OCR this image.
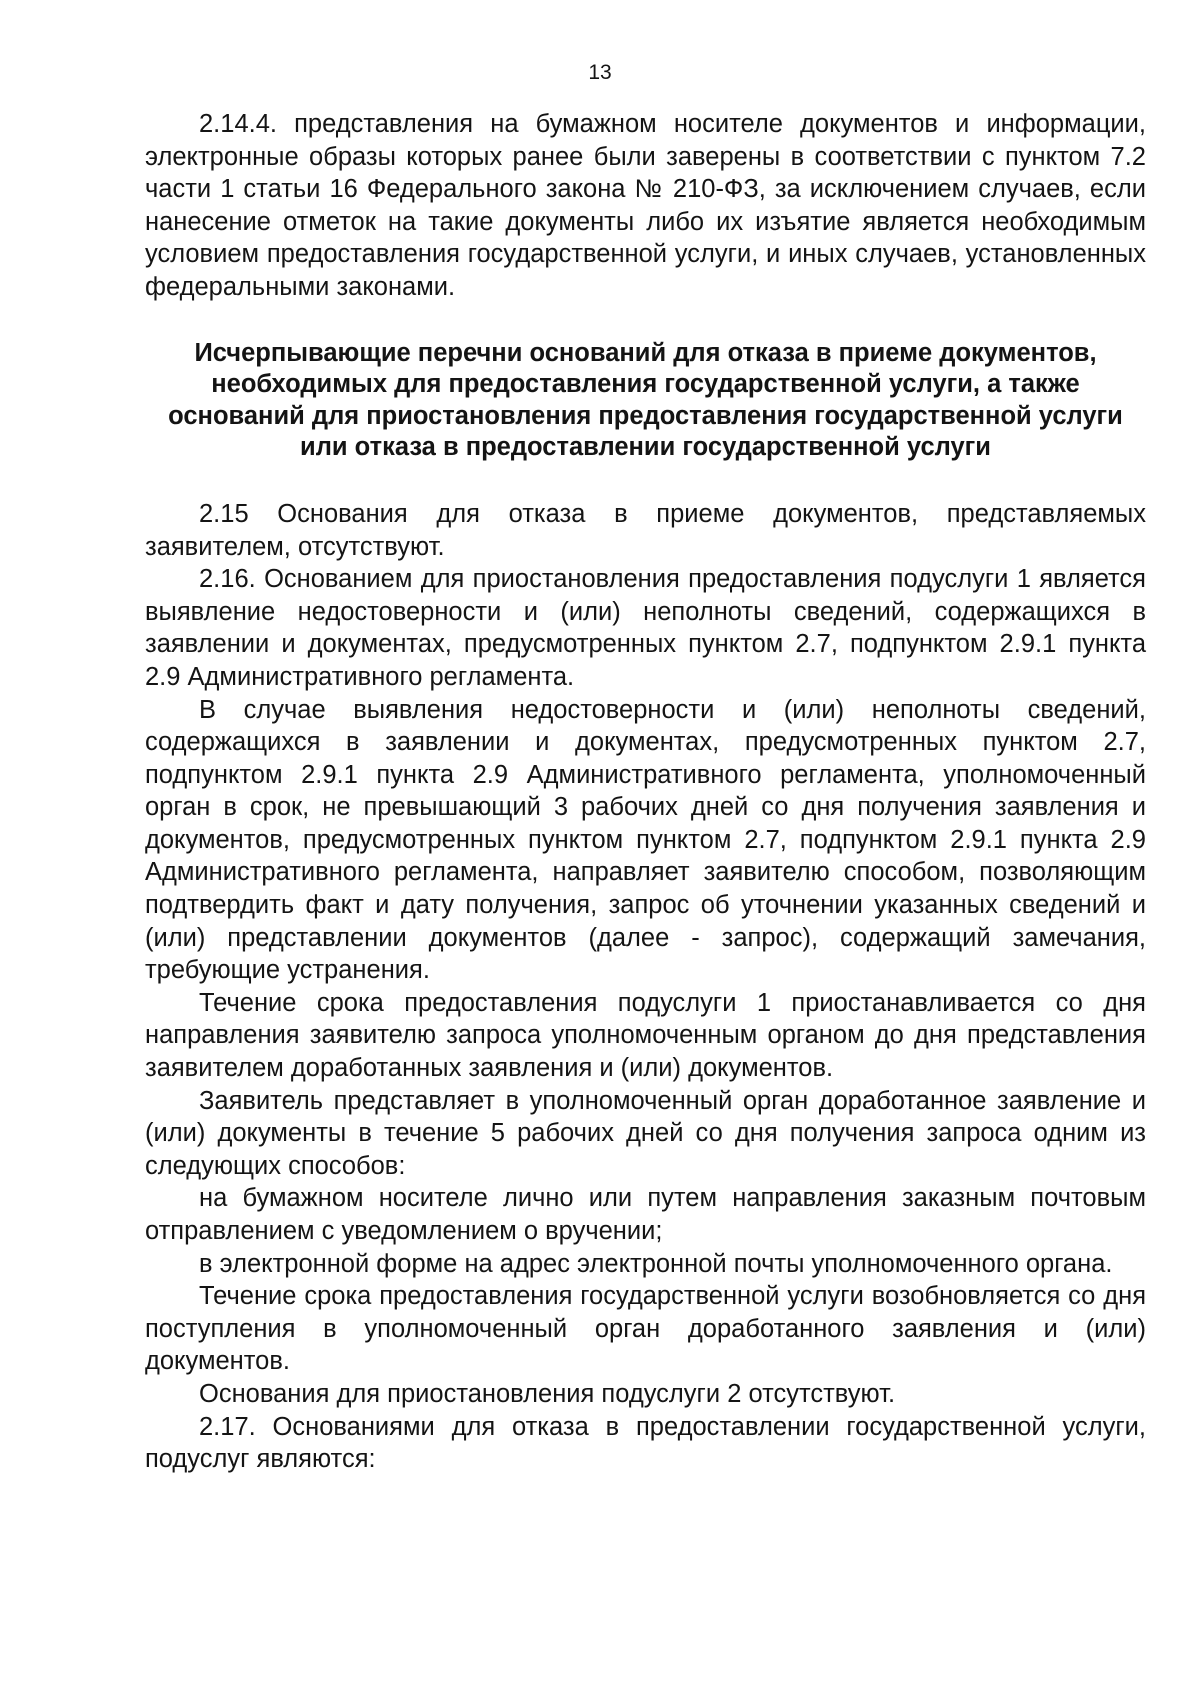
13

2.14.4. представления на бумажном носителе документов и информации, электронные образы которых ранее были заверены в соответствии с пунктом 7.2 части 1 статьи 16 Федерального закона № 210-ФЗ, за исключением случаев, если нанесение отметок на такие документы либо их изъятие является необходимым условием предоставления государственной услуги, и иных случаев, установленных федеральными законами.

Исчерпывающие перечни оснований для отказа в приеме документов, необходимых для предоставления государственной услуги, а также оснований для приостановления предоставления государственной услуги или отказа в предоставлении государственной услуги

2.15 Основания для отказа в приеме документов, представляемых заявителем, отсутствуют.

2.16. Основанием для приостановления предоставления подуслуги 1 является выявление недостоверности и (или) неполноты сведений, содержащихся в заявлении и документах, предусмотренных пунктом 2.7, подпунктом 2.9.1 пункта 2.9 Административного регламента.

В случае выявления недостоверности и (или) неполноты сведений, содержащихся в заявлении и документах, предусмотренных пунктом 2.7, подпунктом 2.9.1 пункта 2.9 Административного регламента, уполномоченный орган в срок, не превышающий 3 рабочих дней со дня получения заявления и документов, предусмотренных пунктом пунктом 2.7, подпунктом 2.9.1 пункта 2.9 Административного регламента, направляет заявителю способом, позволяющим подтвердить факт и дату получения, запрос об уточнении указанных сведений и (или) представлении документов (далее - запрос), содержащий замечания, требующие устранения.

Течение срока предоставления подуслуги 1 приостанавливается со дня направления заявителю запроса уполномоченным органом до дня представления заявителем доработанных заявления и (или) документов.

Заявитель представляет в уполномоченный орган доработанное заявление и (или) документы в течение 5 рабочих дней со дня получения запроса одним из следующих способов:

на бумажном носителе лично или путем направления заказным почтовым отправлением с уведомлением о вручении;

в электронной форме на адрес электронной почты уполномоченного органа.

Течение срока предоставления государственной услуги возобновляется со дня поступления в уполномоченный орган доработанного заявления и (или) документов.

Основания для приостановления подуслуги 2 отсутствуют.

2.17. Основаниями для отказа в предоставлении государственной услуги, подуслуг являются:
